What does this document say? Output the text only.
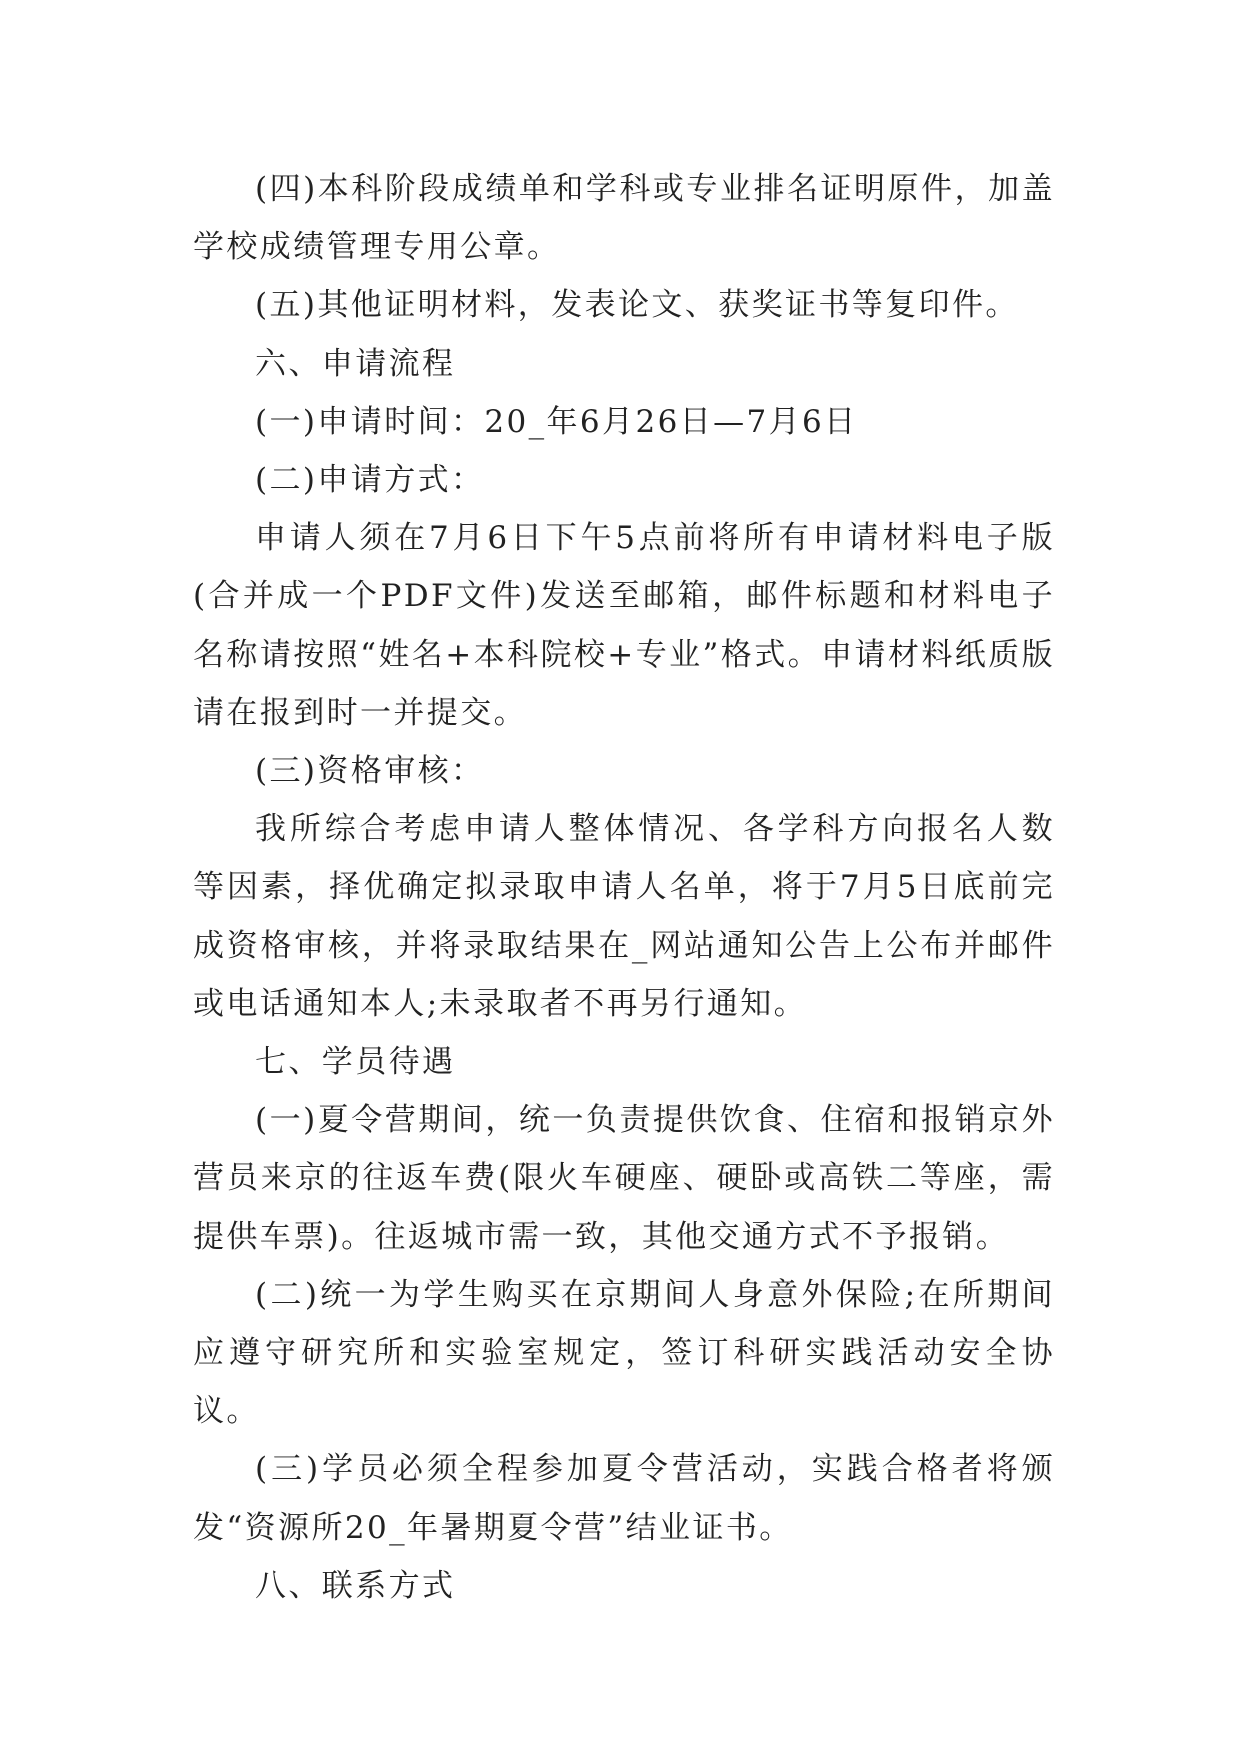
(四)本科阶段成绩单和学科或专业排名证明原件，加盖学校成绩管理专用公章。

(五)其他证明材料，发表论文、获奖证书等复印件。

六、申请流程

(一)申请时间：20_年6月26日—7月6日

(二)申请方式：

申请人须在7月6日下午5点前将所有申请材料电子版(合并成一个PDF文件)发送至邮箱，邮件标题和材料电子名称请按照“姓名+本科院校+专业”格式。申请材料纸质版请在报到时一并提交。

(三)资格审核：

我所综合考虑申请人整体情况、各学科方向报名人数等因素，择优确定拟录取申请人名单，将于7月5日底前完成资格审核，并将录取结果在_网站通知公告上公布并邮件或电话通知本人;未录取者不再另行通知。

七、学员待遇

(一)夏令营期间，统一负责提供饮食、住宿和报销京外营员来京的往返车费(限火车硬座、硬卧或高铁二等座，需提供车票)。往返城市需一致，其他交通方式不予报销。

(二)统一为学生购买在京期间人身意外保险;在所期间应遵守研究所和实验室规定，签订科研实践活动安全协议。

(三)学员必须全程参加夏令营活动，实践合格者将颁发“资源所20_年暑期夏令营”结业证书。

八、联系方式
